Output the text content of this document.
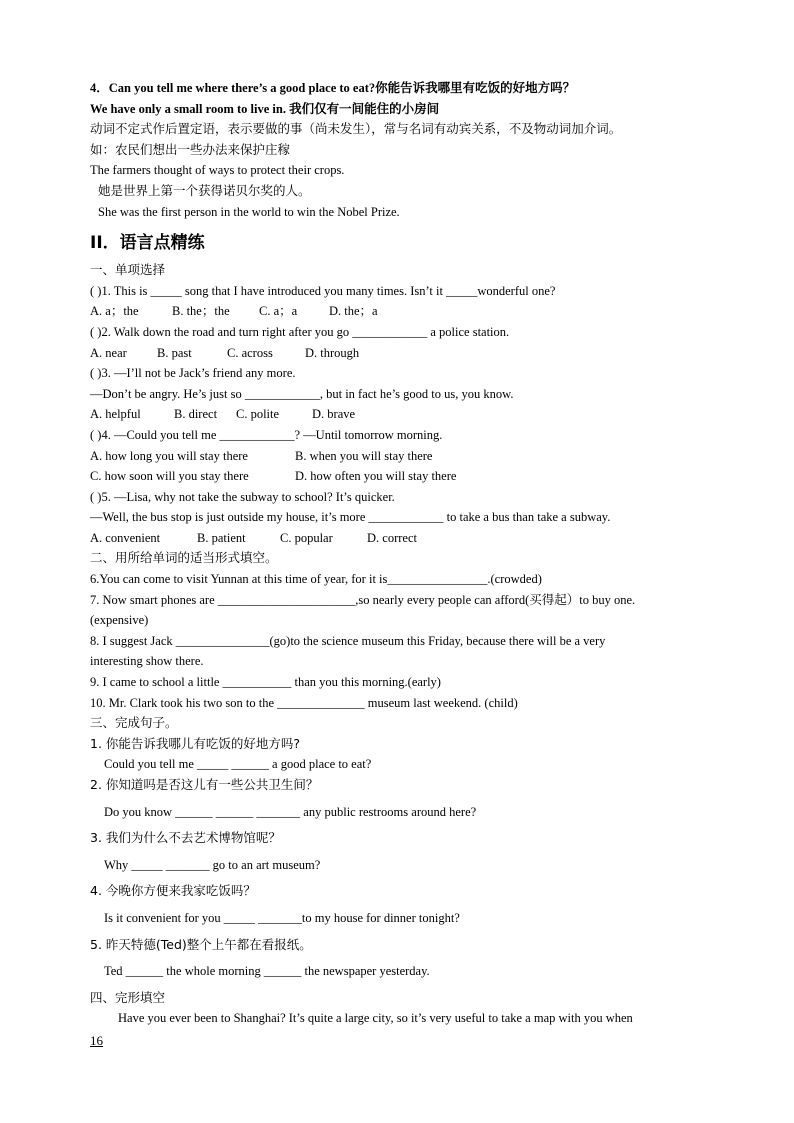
4．Can you tell me where there’s a good place to eat?你能告诉我哪里有吃饭的好地方吗？
We have only a small room to live in. 我们仅有一间能住的小房间
动词不定式作后置定语，表示要做的事（尚未发生），常与名词有动宾关系，不及物动词加介词。
如：农民们想出一些办法来保护庄稼
The farmers thought of ways to protect their crops.
她是世界上第一个获得诺贝尔奖的人。
She was the first person in the world to win the Nobel Prize.
II．语言点精练
一、单项选择
( )1. This is _____ song that I have introduced you many times. Isn’t it _____wonderful one?
A. a；the	B. the；the C. a；a	D. the；a
( )2. Walk down the road and turn right after you go ____________ a police station.
A. near B. past	C. across	D. through
( )3. —I’ll not be Jack’s friend any more.
—Don’t be angry. He’s just so ____________, but in fact he’s good to us, you know.
A. helpful	B. direct C. polite	D. brave
( )4. —Could you tell me ____________? —Until tomorrow morning.
A. how long you will stay there	B. when you will stay there
C. how soon will you stay there	D. how often you will stay there
( )5. —Lisa, why not take the subway to school? It’s quicker.
—Well, the bus stop is just outside my house, it’s more ____________ to take a bus than take a subway.
A. convenient	B. patient	C. popular	D. correct
二、用所给单词的适当形式填空。
6.You can come to visit Yunnan at this time of year, for it is________________.(crowded)
7. Now smart phones are ______________________,so nearly every people can afford(买得起）to buy one.
(expensive)
8. I suggest Jack _______________(go)to the science museum this Friday, because there will be a very
interesting show there.
9. I came to school a little ___________ than you this morning.(early)
10. Mr. Clark took his two son to the ______________ museum last weekend. (child)
三、完成句子。
1. 你能告诉我哪儿有吃饭的好地方吗?
Could you tell me _____ ______ a good place to eat?
2. 你知道吗是否这儿有一些公共卫生间？
Do you know ______ ______ _______ any public restrooms around here?
3. 我们为什么不去艺术博物馆呢？
Why _____ _______ go to an art museum?
4. 今晚你方便来我家吃饭吗？
Is it convenient for you _____ _______to my house for dinner tonight?
5. 昨天特德(Ted)整个上午都在看报纸。
Ted ______ the whole morning ______ the newspaper yesterday.
四、完形填空
Have you ever been to Shanghai? It’s quite a large city, so it’s very useful to take a map with you when
16
